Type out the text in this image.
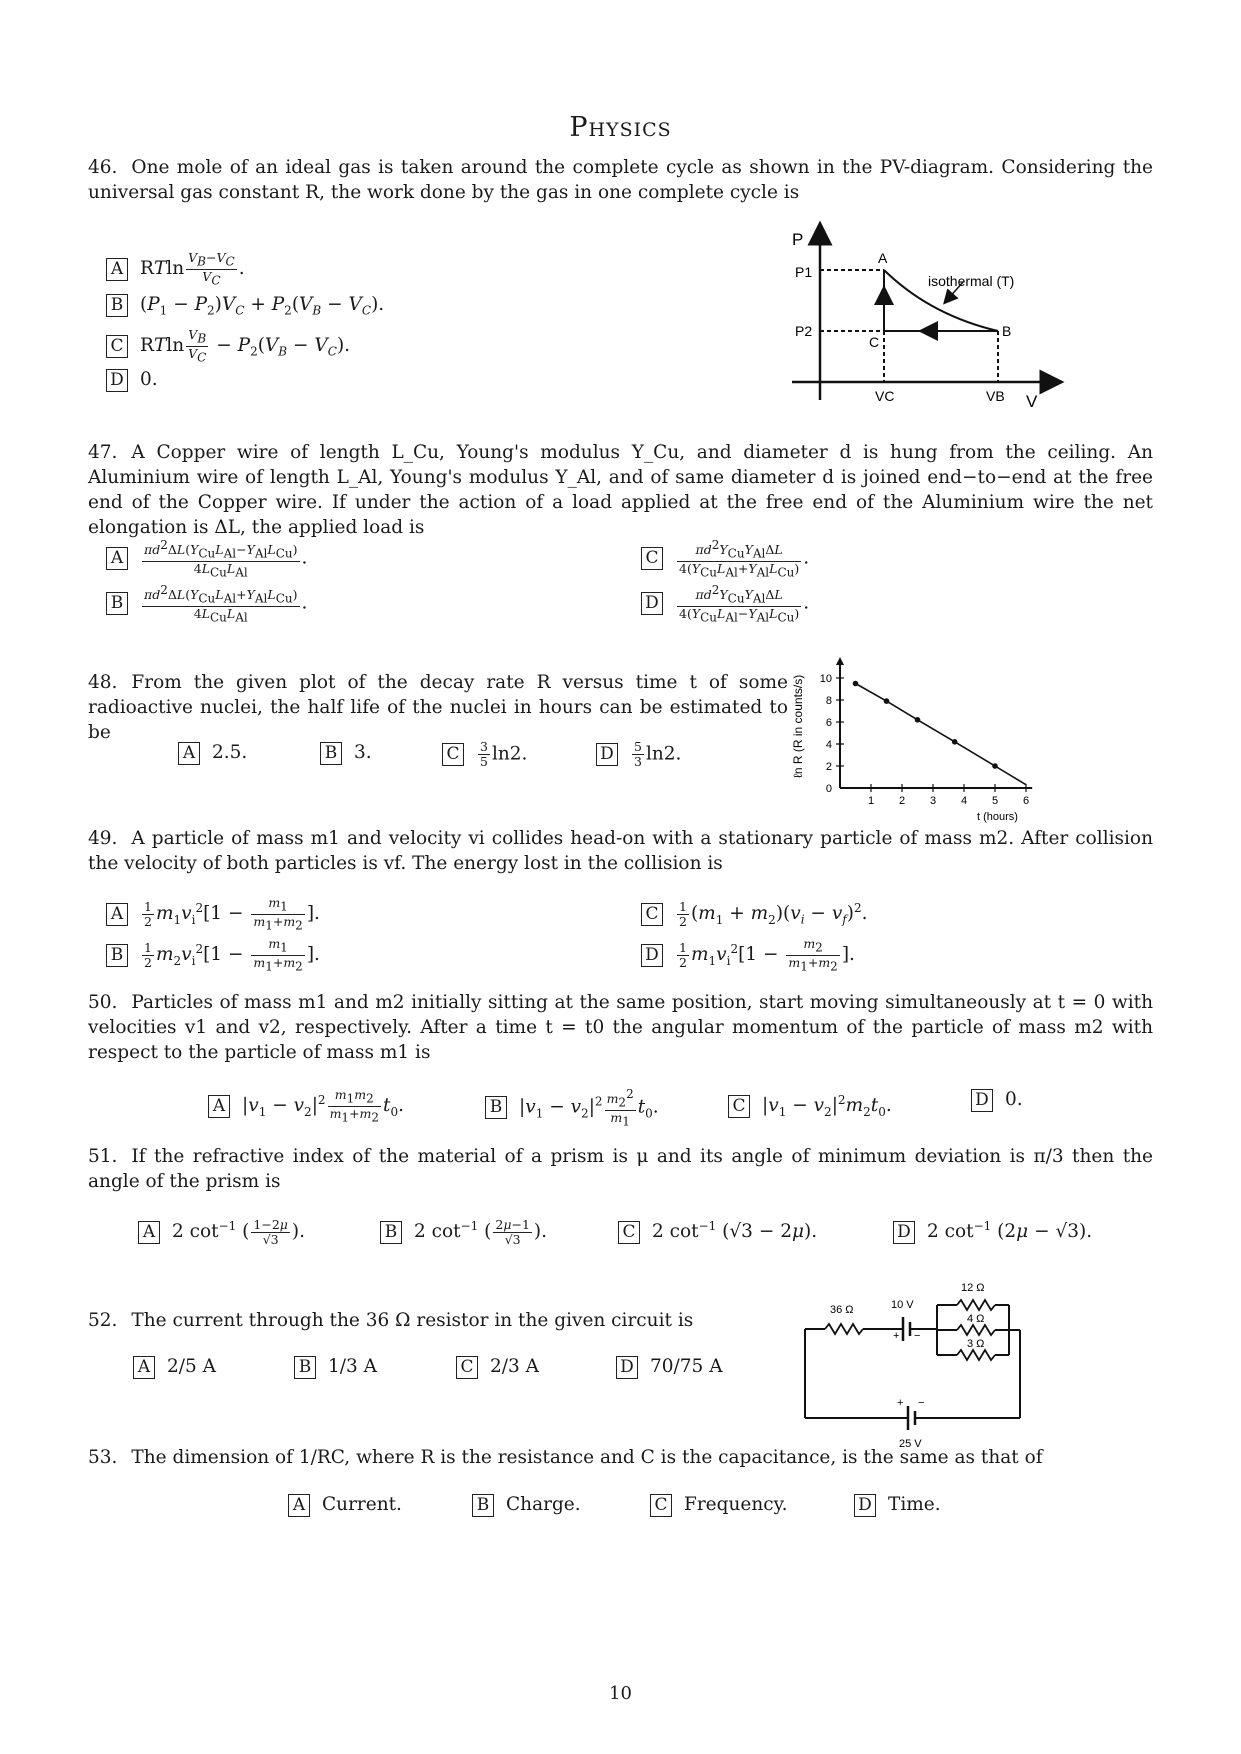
Physics
46. One mole of an ideal gas is taken around the complete cycle as shown in the PV-diagram. Considering the universal gas constant R, the work done by the gas in one complete cycle is
A RTln $\frac{V_B-V_C}{V_C}$ .
B $(P_1 - P_2)V_C + P_2(V_B - V_C)$.
C RTln $\frac{V_B}{V_C} - P_2(V_B - V_C)$.
D 0.
P
V
P1
P2
A
B
C
isothermal (T)
VC	VB
47. A Copper wire of length L_Cu, Young's modulus Y_Cu, and diameter d is hung from the ceiling. An Aluminium wire of length L_Al, Young's modulus Y_Al, and of same diameter d is joined end−to−end at the free end of the Copper wire. If under the action of a load applied at the free end of the Aluminium wire the net elongation is ΔL, the applied load is
A $\frac{\pi d^2\Delta L(Y_{Cu}L_{Al}-Y_{Al}L_{Cu})}{4L_{Cu}L_{Al}}$ .
B $\frac{\pi d^2\Delta L(Y_{Cu}L_{Al}+Y_{Al}L_{Cu})}{4L_{Cu}L_{Al}}$ .
C $\frac{\pi d^2Y_{Cu}Y_{Al}\Delta L}{4(Y_{Cu}L_{Al}+Y_{Al}L_{Cu})}$ .
D $\frac{\pi d^2Y_{Cu}Y_{Al}\Delta L}{4(Y_{Cu}L_{Al}-Y_{Al}L_{Cu})}$ .
48. From the given plot of the decay rate R versus time t of some radioactive nuclei, the half life of the nuclei in hours can be estimated to be
A 2.5.	B 3.	C $\frac{3}{5} \ln 2$.	D $\frac{5}{3} \ln 2$.
0
2
4
6
8
10
1 2 3 4 5 6
ℓn R (R in counts/s)
t (hours)
49. A particle of mass m1 and velocity vi collides head-on with a stationary particle of mass m2. After collision the velocity of both particles is vf. The energy lost in the collision is
A $\frac{1}{2} m_1v_i^2[1 - \frac{m_1}{m_1+m_2}$ ].
B $\frac{1}{2} m_2v_i^2[1 - \frac{m_1}{m_1+m_2}$ ].
C $\frac{1}{2} (m_1 + m_2)(v_i - v_f)^2$.
D $\frac{1}{2} m_1v_i^2[1 - \frac{m_2}{m_1+m_2}$ ].
50. Particles of mass m1 and m2 initially sitting at the same position, start moving simultaneously at t = 0 with velocities v1 and v2, respectively. After a time t = t0 the angular momentum of the particle of mass m2 with respect to the particle of mass m1 is
A $|v_1 - v_2|^2 \frac{m_1m_2}{m_1+m_2} t_0$.	B $|v_1 - v_2|^2 \frac{m_2^2}{m_1} t_0$.	C $|v_1 - v_2|^2m_2t_0$.	D 0.
51. If the refractive index of the material of a prism is μ and its angle of minimum deviation is π/3 then the angle of the prism is
A 2 $\cot^{-1}$ ( $\frac{1-2\mu}{√3}$ ).	B 2 $\cot^{-1}$ ( $\frac{2\mu-1}{√3}$ ).	C 2 $\cot^{-1} (√3 - 2\mu)$.	D 2 $\cot^{-1} (2\mu - √3)$.
52. The current through the 36 Ω resistor in the given circuit is
A 2/5 A	B 1/3 A	C 2/3 A	D 70/75 A
36 Ω	10 V
+ −
12 Ω
4 Ω
3 Ω
+ −
25 V
53. The dimension of 1/RC, where R is the resistance and C is the capacitance, is the same as that of
A Current.	B Charge.	C Frequency.	D Time.
10
